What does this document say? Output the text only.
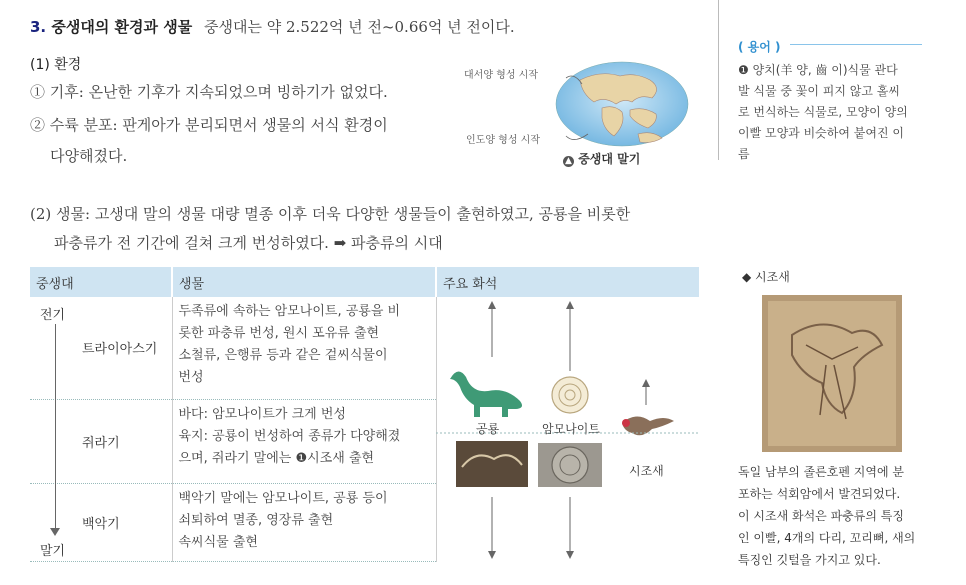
3. 중생대의 환경과 생물 중생대는 약 2.522억 년 전~0.66억 년 전이다.
(1) 환경
① 기후: 온난한 기후가 지속되었으며 빙하기가 없었다.
② 수륙 분포: 판게아가 분리되면서 생물의 서식 환경이
다양해졌다.
대서양 형성 시작
인도양 형성 시작
▲ 중생대 말기
( 용어 )
❶ 양치(羊 양, 齒 이)식물 관다
발 식물 중 꽃이 피지 않고 홀씨
로 번식하는 식물로, 모양이 양의
이빨 모양과 비슷하여 붙여진 이
름
(2) 생물: 고생대 말의 생물 대량 멸종 이후 더욱 다양한 생물들이 출현하였고, 공룡을 비롯한
파충류가 전 기간에 걸쳐 크게 번성하였다. ➡ 파충류의 시대
중생대	생물	주요 화석
트라이아스기	두족류에 속하는 암모나이트, 공룡을 비
롯한 파충류 번성, 원시 포유류 출현
소철류, 은행류 등과 같은 겉씨식물이
번성	

쥐라기	바다: 암모나이트가 크게 번성
육지: 공룡이 번성하여 종류가 다양해졌
으며, 쥐라기 말에는 ❶시조새 출현	

백악기	백악기 말에는 암모나이트, 공룡 등이
쇠퇴하여 멸종, 영장류 출현
속씨식물 출현	
전기
말기
공룡	암모나이트
시조새
◆ 시조새
독일 남부의 졸른호펜 지역에 분
포하는 석회암에서 발견되었다.
이 시조새 화석은 파충류의 특징
인 이빨, 4개의 다리, 꼬리뼈, 새의
특징인 깃털을 가지고 있다.
